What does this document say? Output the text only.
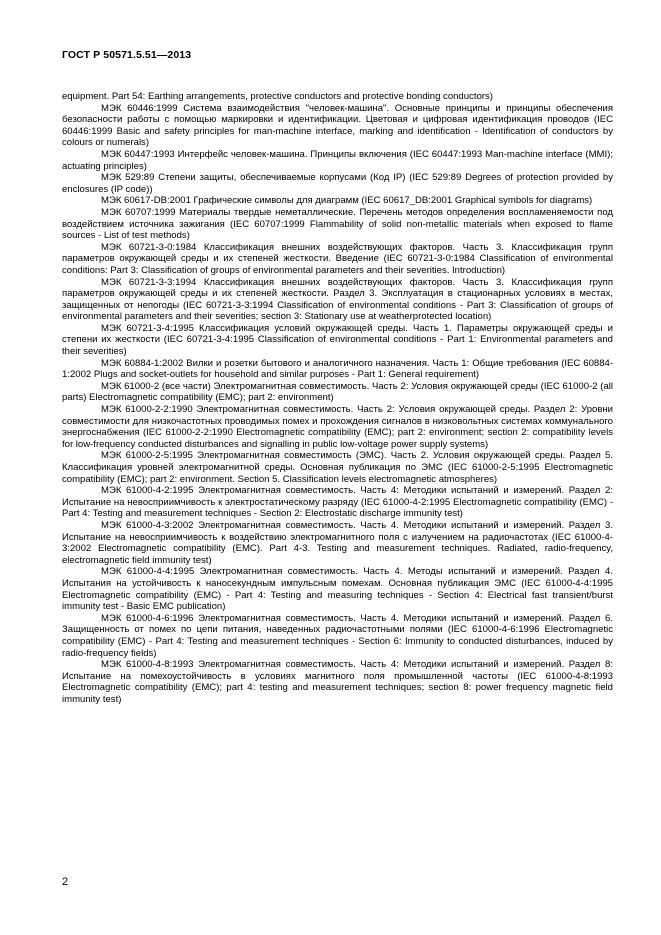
ГОСТ Р 50571.5.51—2013

equipment. Part 54: Earthing arrangements, protective conductors and protective bonding conductors)

МЭК 60446:1999 Система взаимодействия "человек-машина". Основные принципы и принципы обеспечения безопасности работы с помощью маркировки и идентификации. Цветовая и цифровая идентификация проводов (IEC 60446:1999 Basic and safety principles for man-machine interface, marking and identification - Identification of conductors by colours or numerals)

МЭК 60447:1993 Интерфейс человек-машина. Принципы включения (IEC 60447:1993 Man-machine interface (MMI); actuating principles)

МЭК 529:89 Степени защиты, обеспечиваемые корпусами (Код IP) (IEC 529:89 Degrees of protection provided by enclosures (IP code))

МЭК 60617-DB:2001 Графические символы для диаграмм (IEC 60617_DB:2001 Graphical symbols for diagrams)

МЭК 60707:1999 Материалы твердые неметаллические. Перечень методов определения воспламеняемости под воздействием источника зажигания (IEC 60707:1999 Flammability of solid non-metallic materials when exposed to flame sources - List of test methods)

МЭК 60721-3-0:1984 Классификация внешних воздействующих факторов. Часть 3. Классификация групп параметров окружающей среды и их степеней жесткости. Введение (IEC 60721-3-0:1984 Classification of environmental conditions: Part 3: Classification of groups of environmental parameters and their severities. Introduction)

МЭК 60721-3-3:1994 Классификация внешних воздействующих факторов. Часть 3. Классификация групп параметров окружающей среды и их степеней жесткости. Раздел 3. Эксплуатация в стационарных условиях в местах, защищенных от непогоды (IEC 60721-3-3:1994 Classification of environmental conditions - Part 3: Classification of groups of environmental parameters and their severities; section 3: Stationary use at weatherprotected location)

МЭК 60721-3-4:1995 Классификация условий окружающей среды. Часть 1. Параметры окружающей среды и степени их жесткости (IEC 60721-3-4:1995 Classification of environmental conditions - Part 1: Environmental parameters and their severities)

МЭК 60884-1:2002 Вилки и розетки бытового и аналогичного назначения. Часть 1: Общие требования (IEC 60884-1:2002 Plugs and socket-outlets for household and similar purposes - Part 1: General requirement)

МЭК 61000-2 (все части) Электромагнитная совместимость. Часть 2: Условия окружающей среды (IEC 61000-2 (all parts) Electromagnetic compatibility (EMC); part 2: environment)

МЭК 61000-2-2:1990 Электромагнитная совместимость. Часть 2: Условия окружающей среды. Раздел 2: Уровни совместимости для низкочастотных проводимых помех и прохождения сигналов в низковольтных системах коммунального энергоснабжения (IEC 61000-2-2:1990 Electromagnetic compatibility (EMC); part 2: environment; section 2: compatibility levels for low-frequency conducted disturbances and signalling in public low-voltage power supply systems)

МЭК 61000-2-5:1995 Электромагнитная совместимость (ЭМС). Часть 2. Условия окружающей среды. Раздел 5. Классификация уровней электромагнитной среды. Основная публикация по ЭМС (IEC 61000-2-5:1995 Electromagnetic compatibility (EMC); part 2: environment. Section 5. Classification levels electromagnetic atmospheres)

МЭК 61000-4-2:1995 Электромагнитная совместимость. Часть 4: Методики испытаний и измерений. Раздел 2: Испытание на невосприимчивость к электростатическому разряду (IEC 61000-4-2:1995 Electromagnetic compatibility (EMC) - Part 4: Testing and measurement techniques - Section 2: Electrostatic discharge immunity test)

МЭК 61000-4-3:2002 Электромагнитная совместимость. Часть 4. Методики испытаний и измерений. Раздел 3. Испытание на невосприимчивость к воздействию электромагнитного поля с излучением на радиочастотах (IEC 61000-4-3:2002 Electromagnetic compatibility (EMC). Part 4-3. Testing and measurement techniques. Radiated, radio-frequency, electromagnetic field immunity test)

МЭК 61000-4-4:1995 Электромагнитная совместимость. Часть 4. Методы испытаний и измерений. Раздел 4. Испытания на устойчивость к наносекундным импульсным помехам. Основная публикация ЭМС (IEC 61000-4-4:1995 Electromagnetic compatibility (EMC) - Part 4: Testing and measuring techniques - Section 4: Electrical fast transient/burst immunity test - Basic EMC publication)

МЭК 61000-4-6:1996 Электромагнитная совместимость. Часть 4. Методики испытаний и измерений. Раздел 6. Защищенность от помех по цепи питания, наведенных радиочастотными полями (IEC 61000-4-6:1996 Electromagnetic compatibility (EMC) - Part 4: Testing and measurement techniques - Section 6: Immunity to conducted disturbances, induced by radio-frequency fields)

МЭК 61000-4-8:1993 Электромагнитная совместимость. Часть 4: Методики испытаний и измерений. Раздел 8: Испытание на помехоустойчивость в условиях магнитного поля промышленной частоты (IEC 61000-4-8:1993 Electromagnetic compatibility (EMC); part 4: testing and measurement techniques; section 8: power frequency magnetic field immunity test)

2
